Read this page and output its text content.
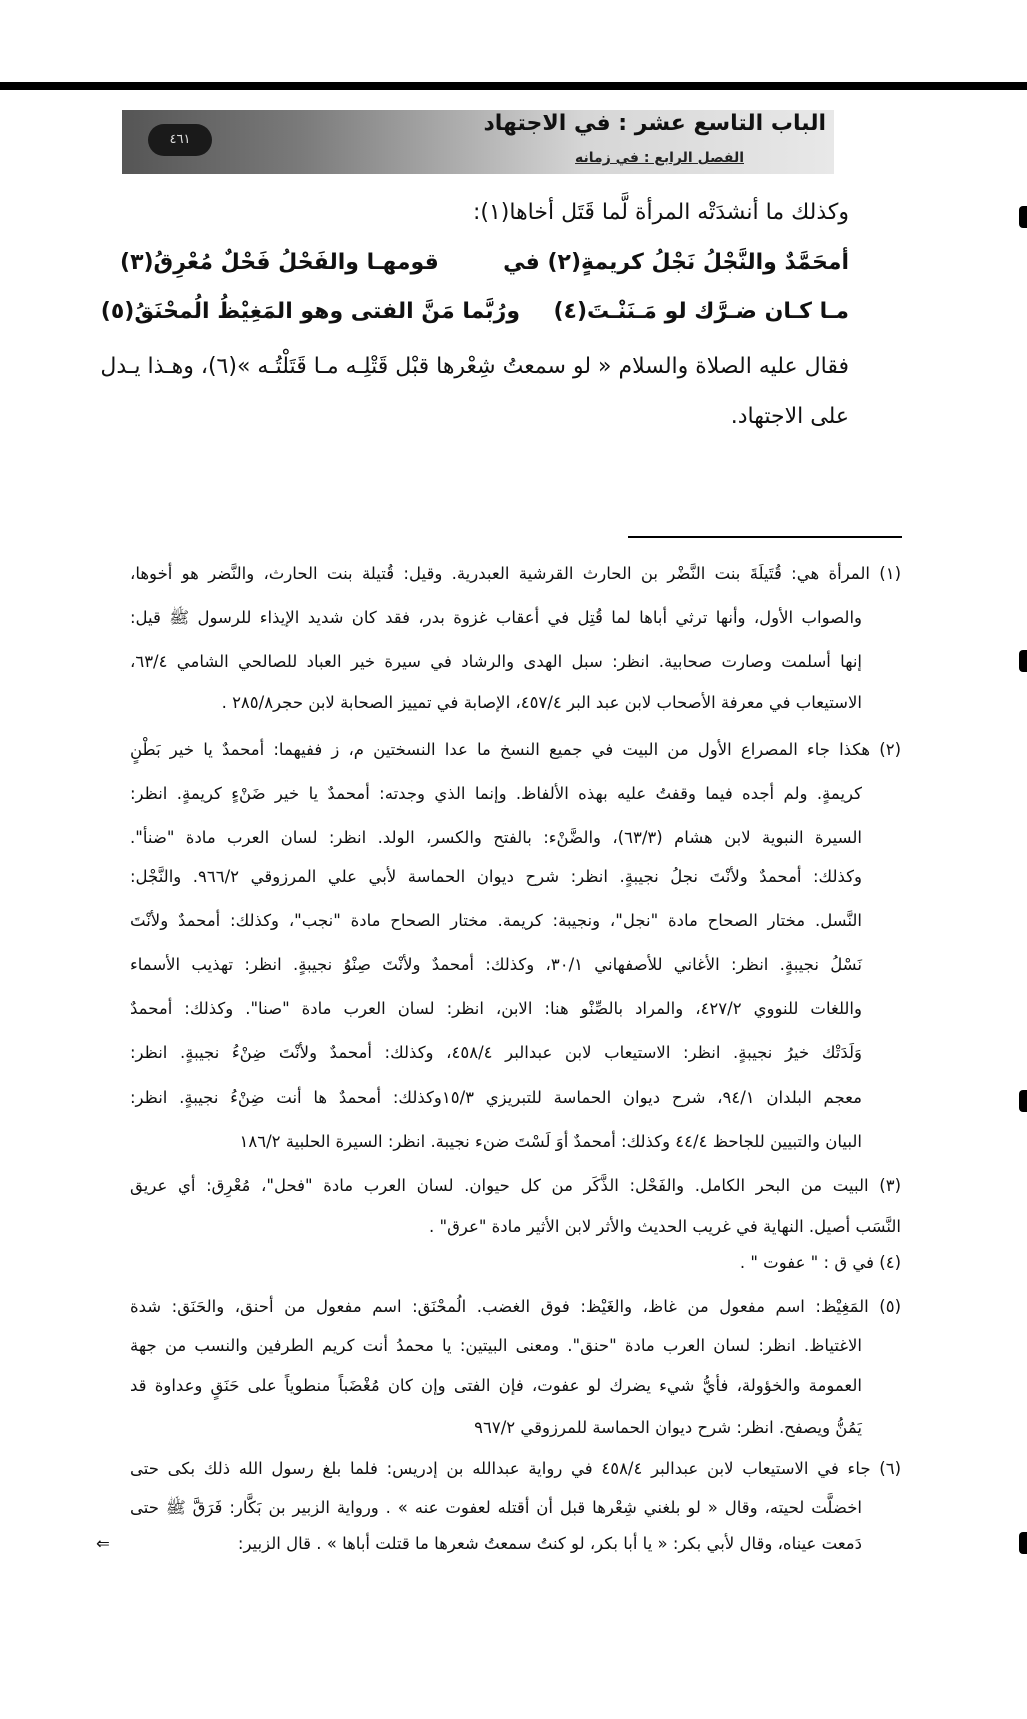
٤٦١
الباب التاسع عشر : في الاجتهاد
الفصل الرابع : في زمانه
وكذلك ما أنشدَتْه المرأة لَّما قَتَل أخاها(١):
أمحَمَّدٌ والنَّجْلُ نَجْلُ كريمةٍ(٢) في
قومهـا والفَحْلُ فَحْلٌ مُعْرِقُ(٣)
مـا كـان ضـرَّك لو مَـنَنْـتَ(٤)
ورُبَّما مَنَّ الفتى وهو المَغِيْظُ الُمحْنَقُ(٥)
فقال عليه الصلاة والسلام « لو سمعتُ شِعْرها قبْل قَتْلِـه مـا قَتَلْتُـه »(٦)، وهـذا يـدل
على الاجتهاد.
(١) المرأة هي: قُتَيلَةَ بنت النَّضْر بن الحارث القرشية العبدرية. وقيل: قُتيلة بنت الحارث، والنَّضر هو أخوها،
والصواب الأول، وأنها ترثي أباها لما قُتِل في أعقاب غزوة بدر، فقد كان شديد الإيذاء للرسول ﷺ قيل:
إنها أسلمت وصارت صحابية. انظر: سبل الهدى والرشاد في سيرة خير العباد للصالحي الشامي ٦٣/٤،
الاستيعاب في معرفة الأصحاب لابن عبد البر ٤٥٧/٤، الإصابة في تمييز الصحابة لابن حجر٢٨٥/٨ .
(٢) هكذا جاء المصراع الأول من البيت في جميع النسخ ما عدا النسختين م، ز ففيهما: أمحمدٌ يا خير بَطْنٍ
كريمةٍ. ولم أجده فيما وقفتُ عليه بهذه الألفاظ. وإنما الذي وجدته: أمحمدٌ يا خير ضَنْءٍ كريمةٍ. انظر:
السيرة النبوية لابن هشام (٦٣/٣)، والضَّنْء: بالفتح والكسر، الولد. انظر: لسان العرب مادة "ضنأ".
وكذلك: أمحمدٌ ولأنْتَ نجلُ نجيبةٍ. انظر: شرح ديوان الحماسة لأبي علي المرزوقي ٩٦٦/٢. والنَّجْل:
النَّسل. مختار الصحاح مادة "نجل"، ونجيبة: كريمة. مختار الصحاح مادة "نجب"، وكذلك: أمحمدٌ ولأنْتَ
نَسْلُ نجيبةٍ. انظر: الأغاني للأصفهاني ٣٠/١، وكذلك: أمحمدٌ ولأنْتَ صِنْوُ نجيبةٍ. انظر: تهذيب الأسماء
واللغات للنووي ٤٢٧/٢، والمراد بالصِّنْو هنا: الابن، انظر: لسان العرب مادة "صنا". وكذلك: أمحمدٌ
وَلَدَتْك خيرُ نجيبةٍ. انظر: الاستيعاب لابن عبدالبر ٤٥٨/٤، وكذلك: أمحمدٌ ولأنْتَ ضِنْءُ نجيبةٍ. انظر:
معجم البلدان ٩٤/١، شرح ديوان الحماسة للتبريزي ١٥/٣وكذلك: أمحمدٌ ها أنت ضِنْءُ نجيبةٍ. انظر:
البيان والتبيين للجاحظ ٤٤/٤ وكذلك: أمحمدٌ أوَ لَسْتَ ضنء نجيبة. انظر: السيرة الحلبية ١٨٦/٢
(٣) البيت من البحر الكامل. والفَحْل: الذَّكَر من كل حيوان. لسان العرب مادة "فحل"، مُعْرِق: أي عريق
النَّسَب أصيل. النهاية في غريب الحديث والأثر لابن الأثير مادة "عرق" .
(٤) في ق : " عفوت " .
(٥) المَغِيْظ: اسم مفعول من غاظ، والغَيْظ: فوق الغضب. الُمحْنَق: اسم مفعول من أحنق، والحَنَق: شدة
الاغتياظ. انظر: لسان العرب مادة "حنق". ومعنى البيتين: يا محمدُ أنت كريم الطرفين والنسب من جهة
العمومة والخؤولة، فأيُّ شيء يضرك لو عفوت، فإن الفتى وإن كان مُغْضَباً منطوياً على حَنَقٍ وعداوة قد
يَمُنُّ ويصفح. انظر: شرح ديوان الحماسة للمرزوقي ٩٦٧/٢
(٦) جاء في الاستيعاب لابن عبدالبر ٤٥٨/٤ في رواية عبدالله بن إدريس: فلما بلغ رسول الله ذلك بكى حتى
اخضلَّت لحيته، وقال « لو بلغني شِعْرها قبل أن أقتله لعفوت عنه » . ورواية الزبير بن بَكَّار: فَرَقَّ ﷺ حتى
دَمعت عيناه، وقال لأبي بكر: « يا أبا بكر، لو كنتُ سمعتُ شعرها ما قتلت أباها » . قال الزبير:
⇐
